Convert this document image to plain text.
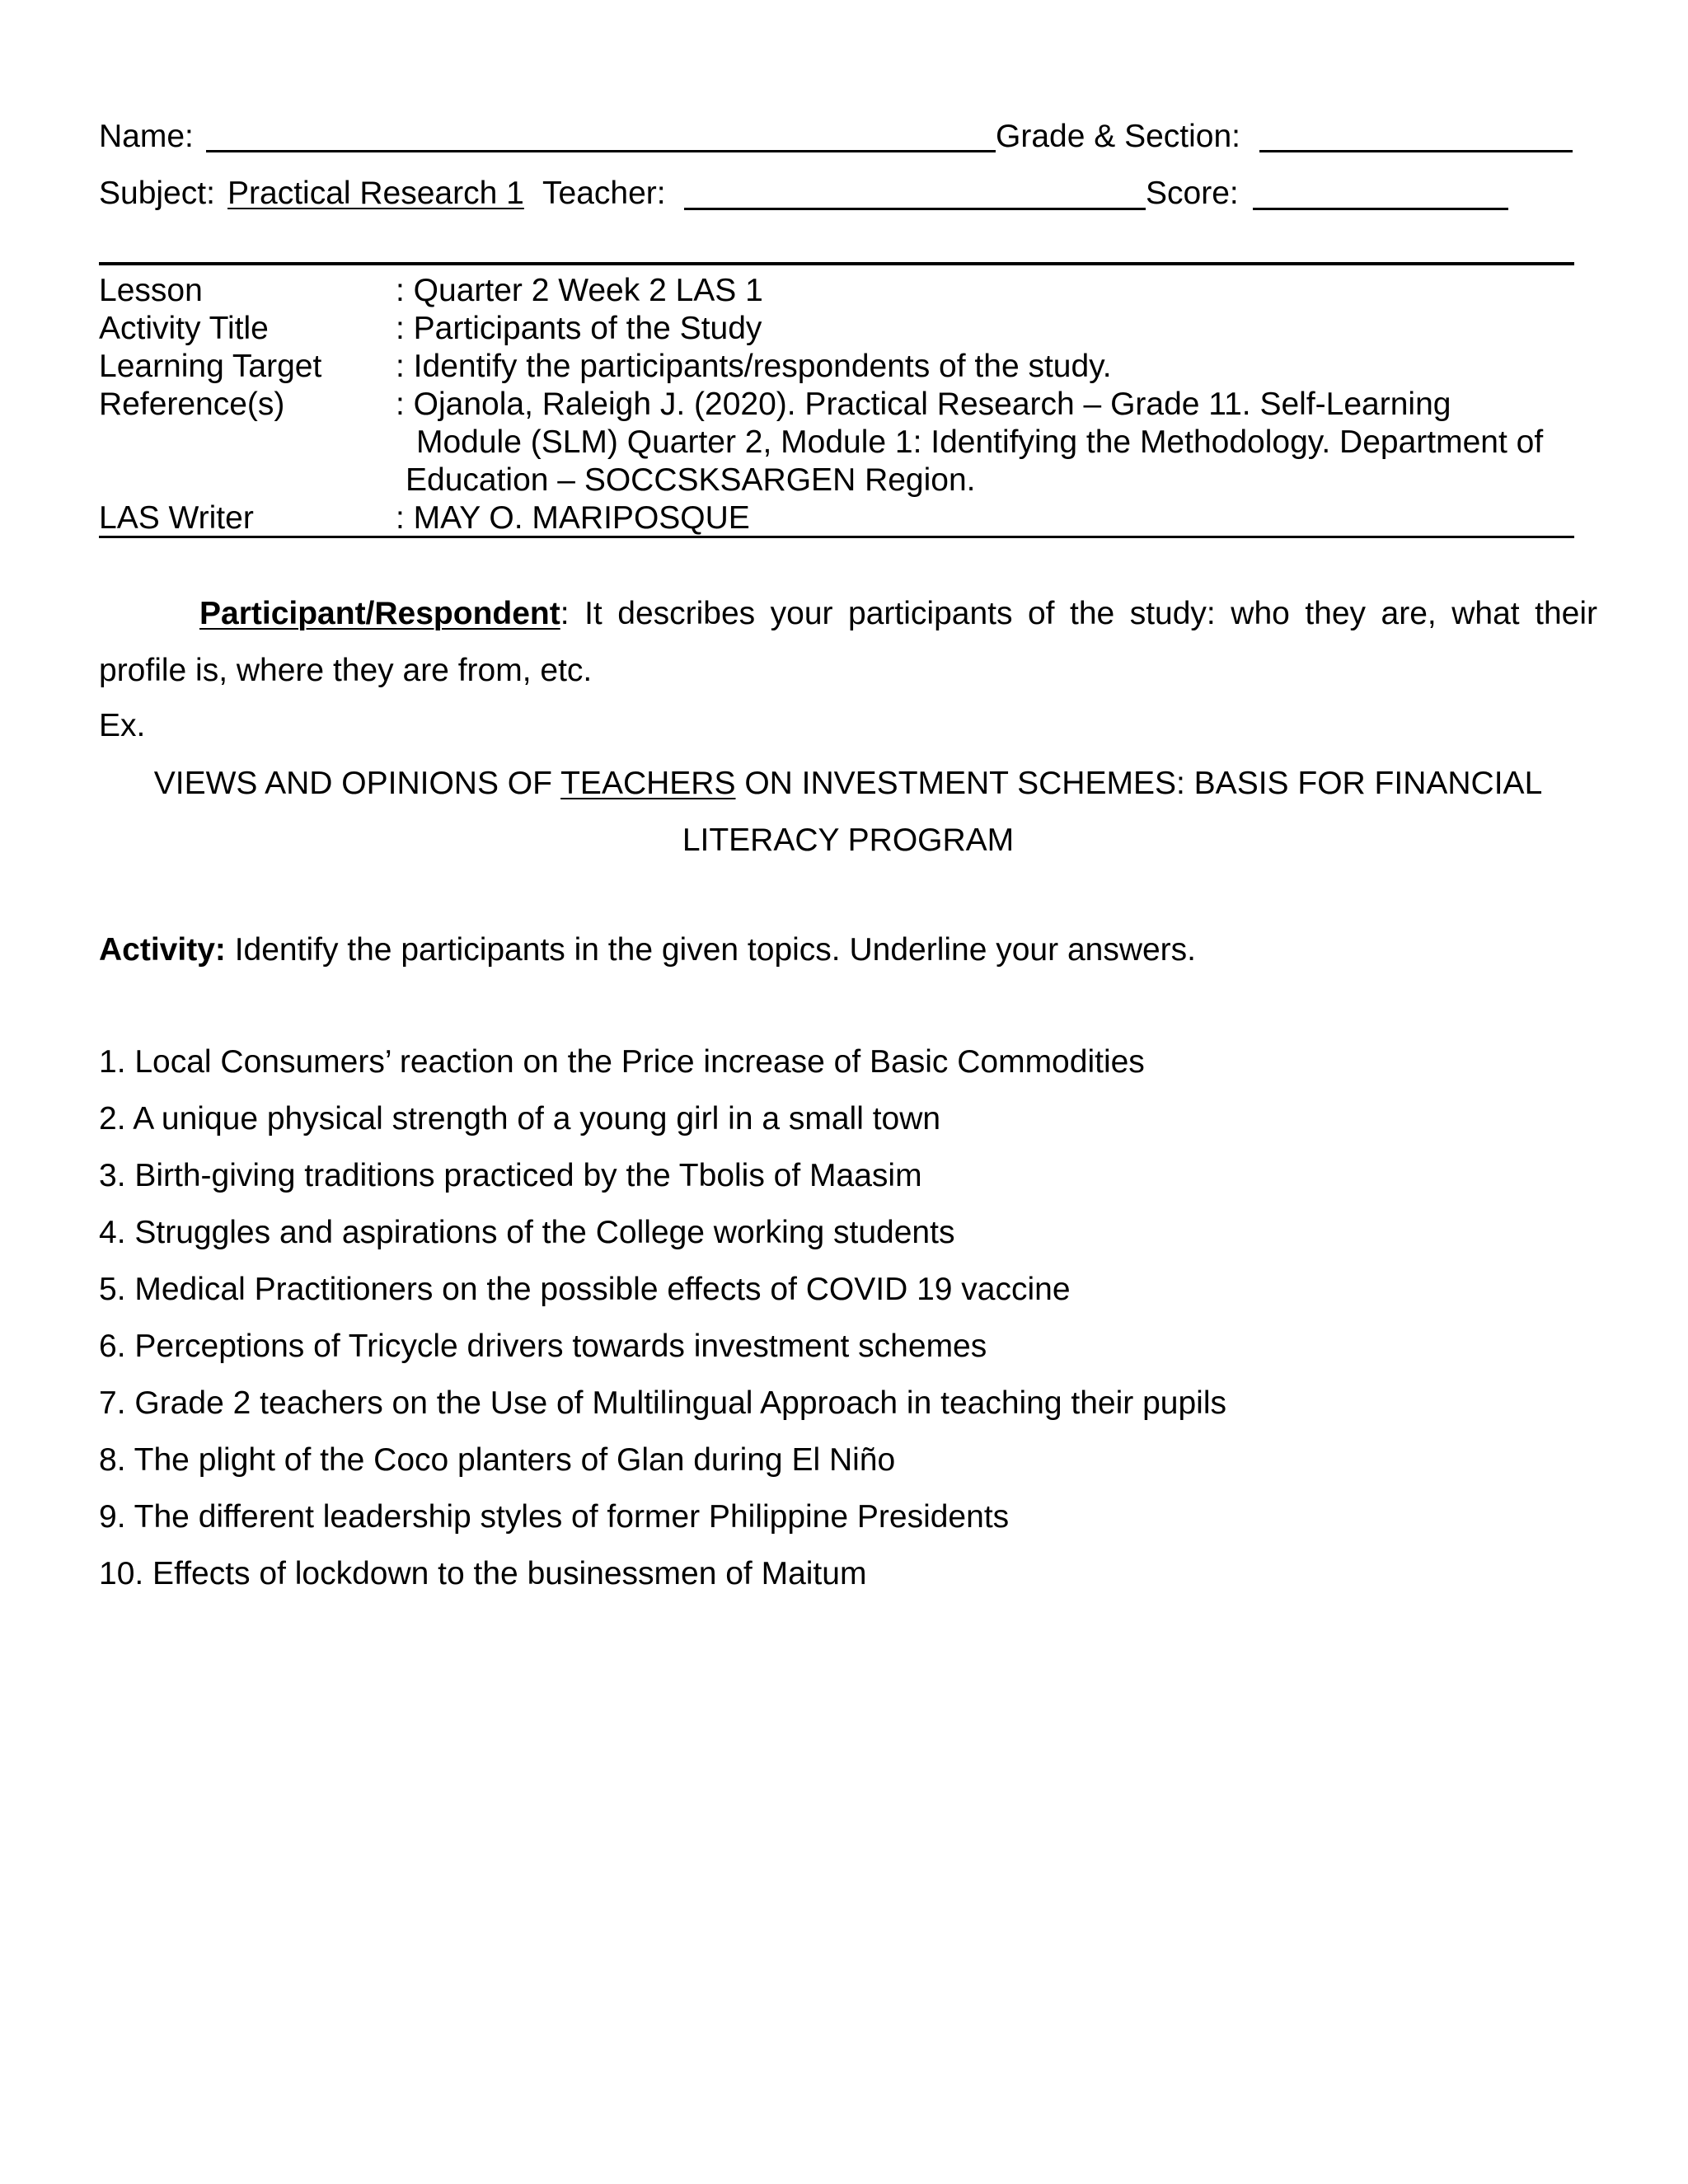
Name:	Grade & Section:
Subject: Practical Research 1 Teacher:	Score:
Lesson	: Quarter 2 Week 2 LAS 1
Activity Title	: Participants of the Study
Learning Target : Identify the participants/respondents of the study.
Reference(s)	: Ojanola, Raleigh J. (2020). Practical Research – Grade 11. Self-Learning
Module (SLM) Quarter 2, Module 1: Identifying the Methodology. Department of
Education – SOCCSKSARGEN Region.
LAS Writer	: MAY O. MARIPOSQUE
Participant/Respondent: It describes your participants of the study: who they are, what their profile is, where they are from, etc.
Ex.
VIEWS AND OPINIONS OF TEACHERS ON INVESTMENT SCHEMES: BASIS FOR FINANCIAL LITERACY PROGRAM
Activity: Identify the participants in the given topics. Underline your answers.
1. Local Consumers’ reaction on the Price increase of Basic Commodities
2. A unique physical strength of a young girl in a small town
3. Birth-giving traditions practiced by the Tbolis of Maasim
4. Struggles and aspirations of the College working students
5. Medical Practitioners on the possible effects of COVID 19 vaccine
6. Perceptions of Tricycle drivers towards investment schemes
7. Grade 2 teachers on the Use of Multilingual Approach in teaching their pupils
8. The plight of the Coco planters of Glan during El Niño
9. The different leadership styles of former Philippine Presidents
10. Effects of lockdown to the businessmen of Maitum
